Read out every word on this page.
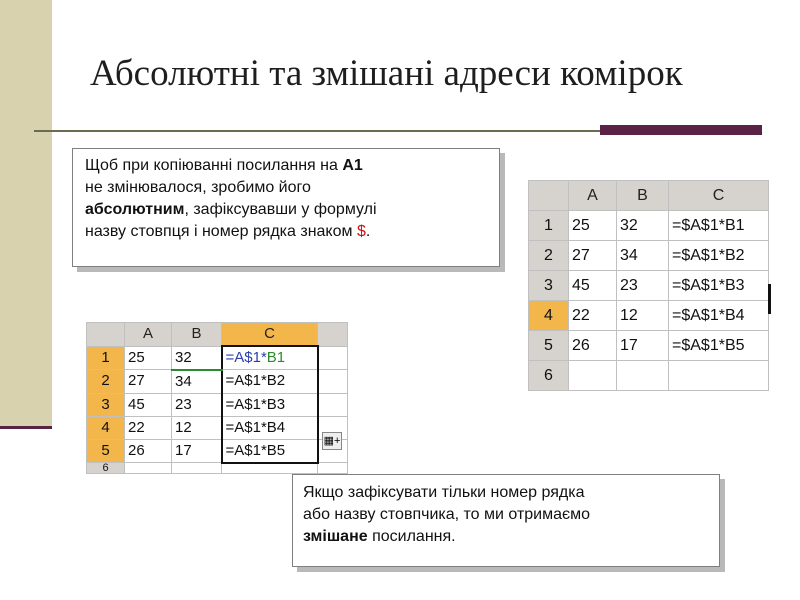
Абсолютні та змішані адреси комірок
Щоб при копіюванні посилання на А1
не змінювалося, зробимо його
абсолютним, зафіксувавши у формулі
назву стовпця і номер рядка знаком $.
	A	B	C
1	25	32	=$A$1*B1
2	27	34	=$A$1*B2
3	45	23	=$A$1*B3
4	22	12	=$A$1*B4
5	26	17	=$A$1*B5
6			
	A	B	C	
1	25	32	=A$1*B1	
2	27	34	=A$1*B2	
3	45	23	=A$1*B3	
4	22	12	=A$1*B4	
5	26	17	=A$1*B5	
6				
▦+
Якщо зафіксувати тільки номер рядка
або назву стовпчика, то ми отримаємо
змішане посилання.
